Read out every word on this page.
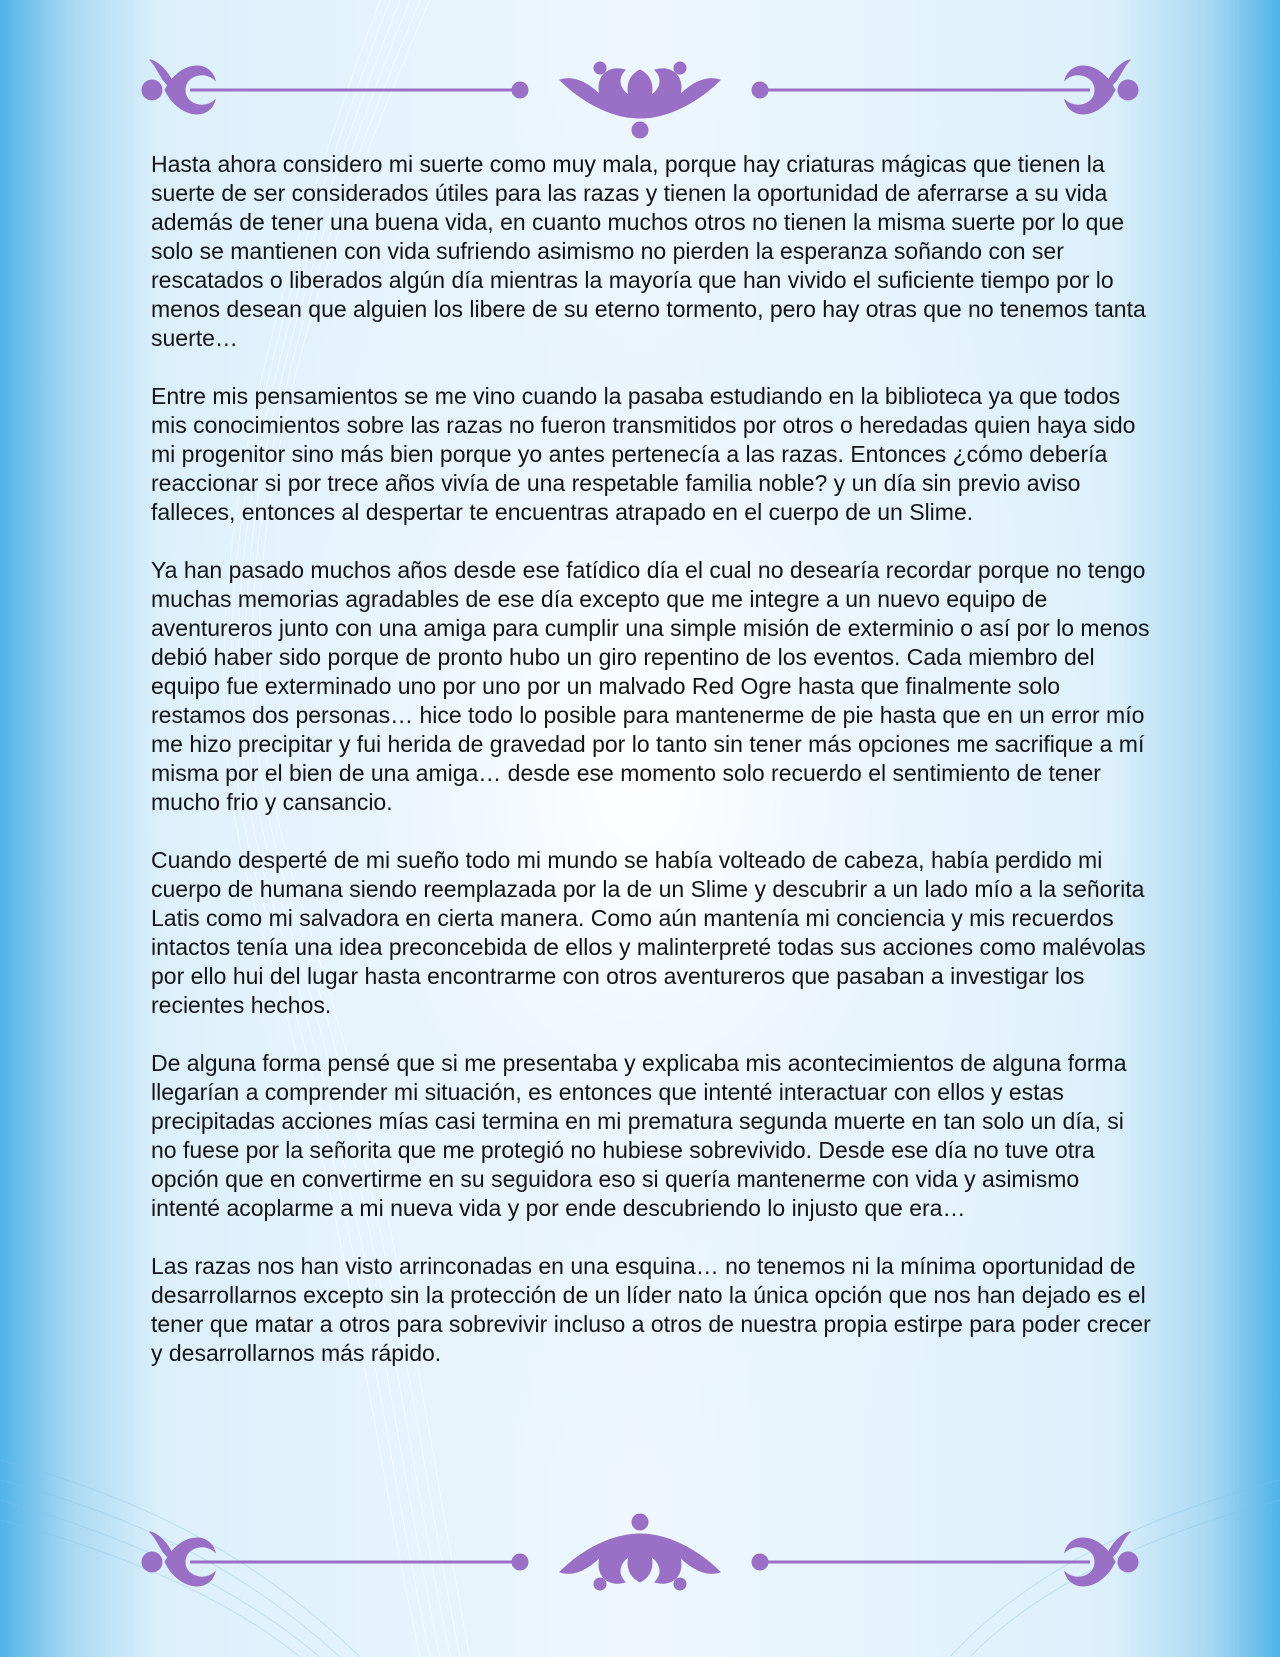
Hasta ahora considero mi suerte como muy mala, porque hay criaturas mágicas que tienen la suerte de ser considerados útiles para las razas y tienen la oportunidad de aferrarse a su vida además de tener una buena vida, en cuanto muchos otros no tienen la misma suerte por lo que solo se mantienen con vida sufriendo asimismo no pierden la esperanza soñando con ser rescatados o liberados algún día mientras la mayoría que han vivido el suficiente tiempo por lo menos desean que alguien los libere de su eterno tormento, pero hay otras que no tenemos tanta suerte…

Entre mis pensamientos se me vino cuando la pasaba estudiando en la biblioteca ya que todos mis conocimientos sobre las razas no fueron transmitidos por otros o heredadas quien haya sido mi progenitor sino más bien porque yo antes pertenecía a las razas. Entonces ¿cómo debería reaccionar si por trece años vivía de una respetable familia noble? y un día sin previo aviso falleces, entonces al despertar te encuentras atrapado en el cuerpo de un Slime.

Ya han pasado muchos años desde ese fatídico día el cual no desearía recordar porque no tengo muchas memorias agradables de ese día excepto que me integre a un nuevo equipo de aventureros junto con una amiga para cumplir una simple misión de exterminio o así por lo menos debió haber sido porque de pronto hubo un giro repentino de los eventos. Cada miembro del equipo fue exterminado uno por uno por un malvado Red Ogre hasta que finalmente solo restamos dos personas… hice todo lo posible para mantenerme de pie hasta que en un error mío me hizo precipitar y fui herida de gravedad por lo tanto sin tener más opciones me sacrifique a mí misma por el bien de una amiga… desde ese momento solo recuerdo el sentimiento de tener mucho frio y cansancio.

Cuando desperté de mi sueño todo mi mundo se había volteado de cabeza, había perdido mi cuerpo de humana siendo reemplazada por la de un Slime y descubrir a un lado mío a la señorita Latis como mi salvadora en cierta manera. Como aún mantenía mi conciencia y mis recuerdos intactos tenía una idea preconcebida de ellos y malinterpreté todas sus acciones como malévolas por ello hui del lugar hasta encontrarme con otros aventureros que pasaban a investigar los recientes hechos.

De alguna forma pensé que si me presentaba y explicaba mis acontecimientos de alguna forma llegarían a comprender mi situación, es entonces que intenté interactuar con ellos y estas precipitadas acciones mías casi termina en mi prematura segunda muerte en tan solo un día, si no fuese por la señorita que me protegió no hubiese sobrevivido. Desde ese día no tuve otra opción que en convertirme en su seguidora eso si quería mantenerme con vida y asimismo intenté acoplarme a mi nueva vida y por ende descubriendo lo injusto que era…

Las razas nos han visto arrinconadas en una esquina… no tenemos ni la mínima oportunidad de desarrollarnos excepto sin la protección de un líder nato la única opción que nos han dejado es el tener que matar a otros para sobrevivir incluso a otros de nuestra propia estirpe para poder crecer y desarrollarnos más rápido.
